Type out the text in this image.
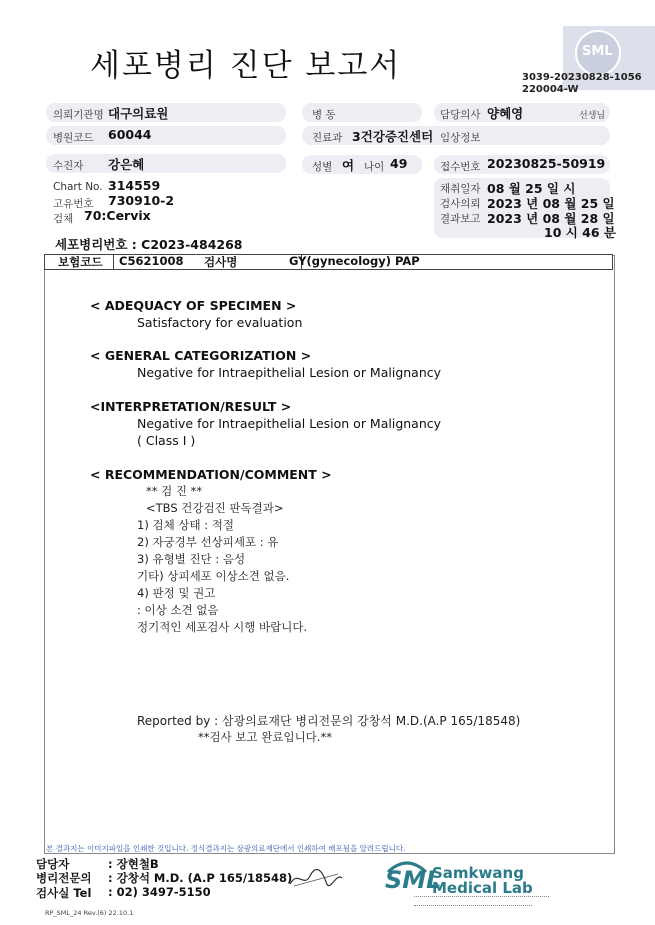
세포병리 진단 보고서	SML
3039-20230828-1056
220004-W
의뢰기관명 대구의료원	병 동	담당의사 양혜영	선생님
병원코드 60044	진료과 3건강증진센터 임상정보
수진자 강은혜	성별 여 나이 49	접수번호 20230825-50919
Chart No. 314559
고유번호 730910-2
검체 70:Cervix
채취일자 08 월 25 일 시
검사의뢰 2023 년 08 월 25 일
결과보고 2023 년 08 월 28 일
10 시 46 분
세포병리번호 : C2023-484268
보험코드 C5621008 검사명	GY(gynecology) PAP
< ADEQUACY OF SPECIMEN >
Satisfactory for evaluation
< GENERAL CATEGORIZATION >
Negative for Intraepithelial Lesion or Malignancy
<INTERPRETATION/RESULT >
Negative for Intraepithelial Lesion or Malignancy
( Class I )
< RECOMMENDATION/COMMENT >
** 검 진 **
<TBS 건강검진 판독결과>
1) 검체 상태 : 적절
2) 자궁경부 선상피세포 : 유
3) 유형별 진단 : 음성
기타) 상피세포 이상소견 없음.
4) 판정 및 권고
: 이상 소견 없음
정기적인 세포검사 시행 바랍니다.
Reported by : 삼광의료재단 병리전문의 강창석 M.D.(A.P 165/18548)
**검사 보고 완료입니다.**
본 결과지는 이미지파일을 인쇄한 것입니다. 정식결과지는 삼광의료재단에서 인쇄하여 배포됨을 알려드립니다.
담당자	: 장현철B
병리전문의 : 강창석 M.D. (A.P 165/18548)
검사실 Tel : 02) 3497-5150
RP_SML_24 Rev.(6) 22.10.1
SML
Samkwang
Medical Lab
